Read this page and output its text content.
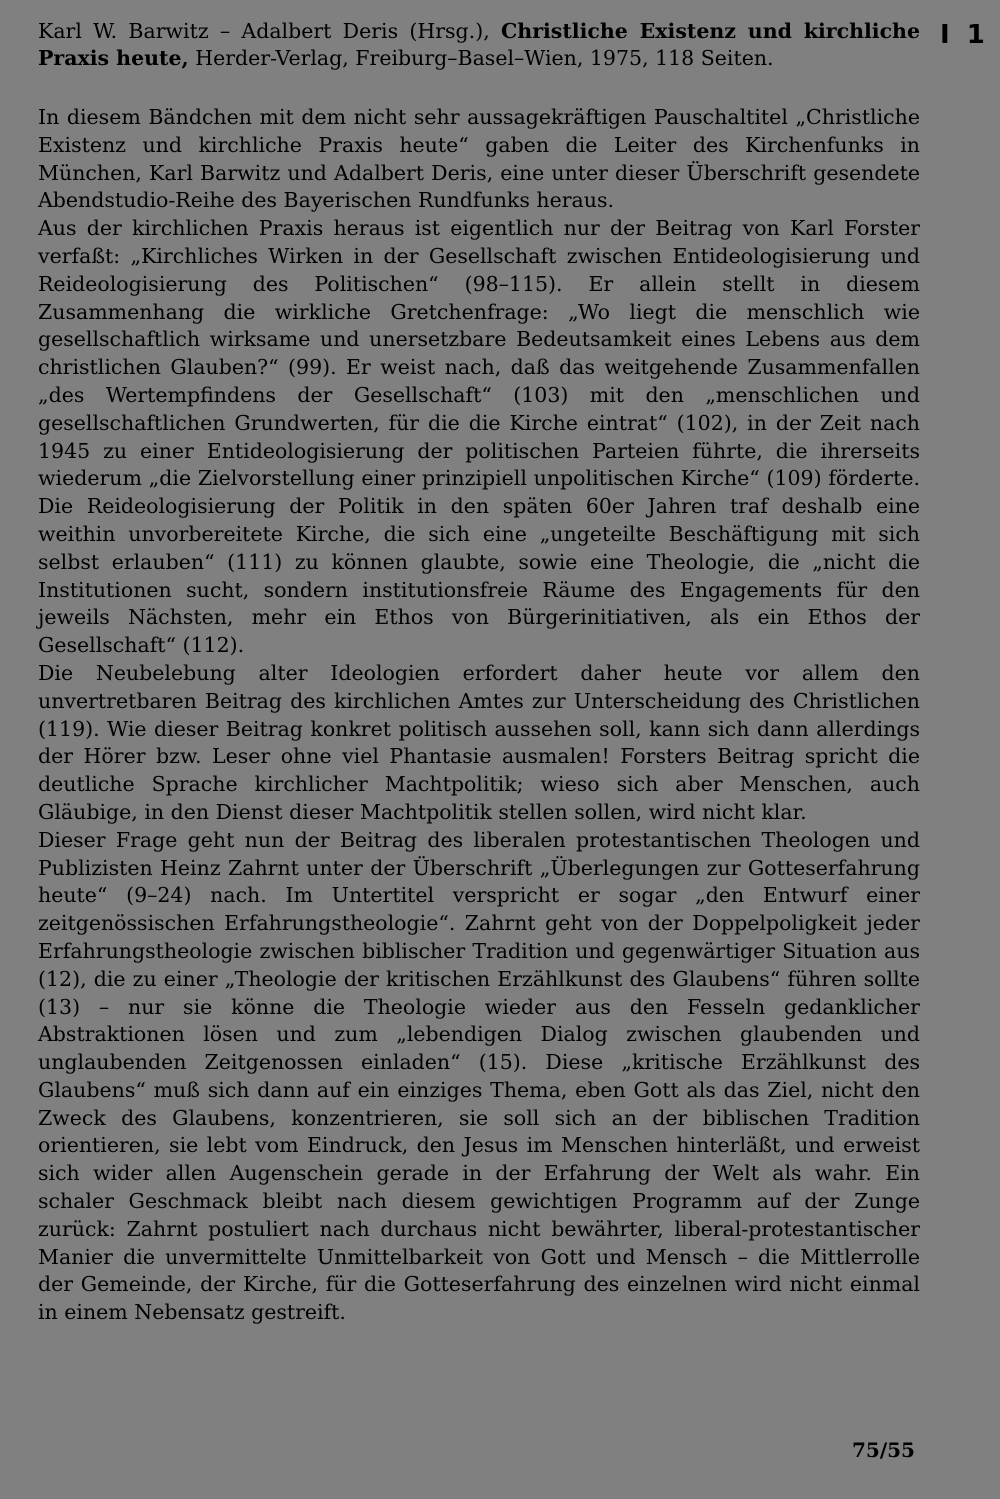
Karl W. Barwitz – Adalbert Deris (Hrsg.), Christliche Existenz und kirchliche Praxis heute, Herder-Verlag, Freiburg–Basel–Wien, 1975, 118 Seiten.
I 1

In diesem Bändchen mit dem nicht sehr aussagekräftigen Pauschaltitel „Christliche Existenz und kirchliche Praxis heute“ gaben die Leiter des Kirchenfunks in München, Karl Barwitz und Adalbert Deris, eine unter dieser Überschrift gesendete Abendstudio-Reihe des Bayerischen Rundfunks heraus.

Aus der kirchlichen Praxis heraus ist eigentlich nur der Beitrag von Karl Forster verfaßt: „Kirchliches Wirken in der Gesellschaft zwischen Entideologisierung und Reideologisierung des Politischen“ (98–115). Er allein stellt in diesem Zusammenhang die wirkliche Gretchenfrage: „Wo liegt die menschlich wie gesellschaftlich wirksame und unersetzbare Bedeutsamkeit eines Lebens aus dem christlichen Glauben?“ (99). Er weist nach, daß das weitgehende Zusammenfallen „des Wertempfindens der Gesellschaft“ (103) mit den „menschlichen und gesellschaftlichen Grundwerten, für die die Kirche eintrat“ (102), in der Zeit nach 1945 zu einer Entideologisierung der politischen Parteien führte, die ihrerseits wiederum „die Zielvorstellung einer prinzipiell unpolitischen Kirche“ (109) förderte. Die Reideologisierung der Politik in den späten 60er Jahren traf deshalb eine weithin unvorbereitete Kirche, die sich eine „ungeteilte Beschäftigung mit sich selbst erlauben“ (111) zu können glaubte, sowie eine Theologie, die „nicht die Institutionen sucht, sondern institutionsfreie Räume des Engagements für den jeweils Nächsten, mehr ein Ethos von Bürgerinitiativen, als ein Ethos der Gesellschaft“ (112).

Die Neubelebung alter Ideologien erfordert daher heute vor allem den unvertretbaren Beitrag des kirchlichen Amtes zur Unterscheidung des Christlichen (119). Wie dieser Beitrag konkret politisch aussehen soll, kann sich dann allerdings der Hörer bzw. Leser ohne viel Phantasie ausmalen! Forsters Beitrag spricht die deutliche Sprache kirchlicher Machtpolitik; wieso sich aber Menschen, auch Gläubige, in den Dienst dieser Machtpolitik stellen sollen, wird nicht klar.

Dieser Frage geht nun der Beitrag des liberalen protestantischen Theologen und Publizisten Heinz Zahrnt unter der Überschrift „Überlegungen zur Gotteserfahrung heute“ (9–24) nach. Im Untertitel verspricht er sogar „den Entwurf einer zeitgenössischen Erfahrungstheologie“. Zahrnt geht von der Doppelpoligkeit jeder Erfahrungstheologie zwischen biblischer Tradition und gegenwärtiger Situation aus (12), die zu einer „Theologie der kritischen Erzählkunst des Glaubens“ führen sollte (13) – nur sie könne die Theologie wieder aus den Fesseln gedanklicher Abstraktionen lösen und zum „lebendigen Dialog zwischen glaubenden und unglaubenden Zeitgenossen einladen“ (15). Diese „kritische Erzählkunst des Glaubens“ muß sich dann auf ein einziges Thema, eben Gott als das Ziel, nicht den Zweck des Glaubens, konzentrieren, sie soll sich an der biblischen Tradition orientieren, sie lebt vom Eindruck, den Jesus im Menschen hinterläßt, und erweist sich wider allen Augenschein gerade in der Erfahrung der Welt als wahr. Ein schaler Geschmack bleibt nach diesem gewichtigen Programm auf der Zunge zurück: Zahrnt postuliert nach durchaus nicht bewährter, liberal-protestantischer Manier die unvermittelte Unmittelbarkeit von Gott und Mensch – die Mittlerrolle der Gemeinde, der Kirche, für die Gotteserfahrung des einzelnen wird nicht einmal in einem Nebensatz gestreift.

75/55
